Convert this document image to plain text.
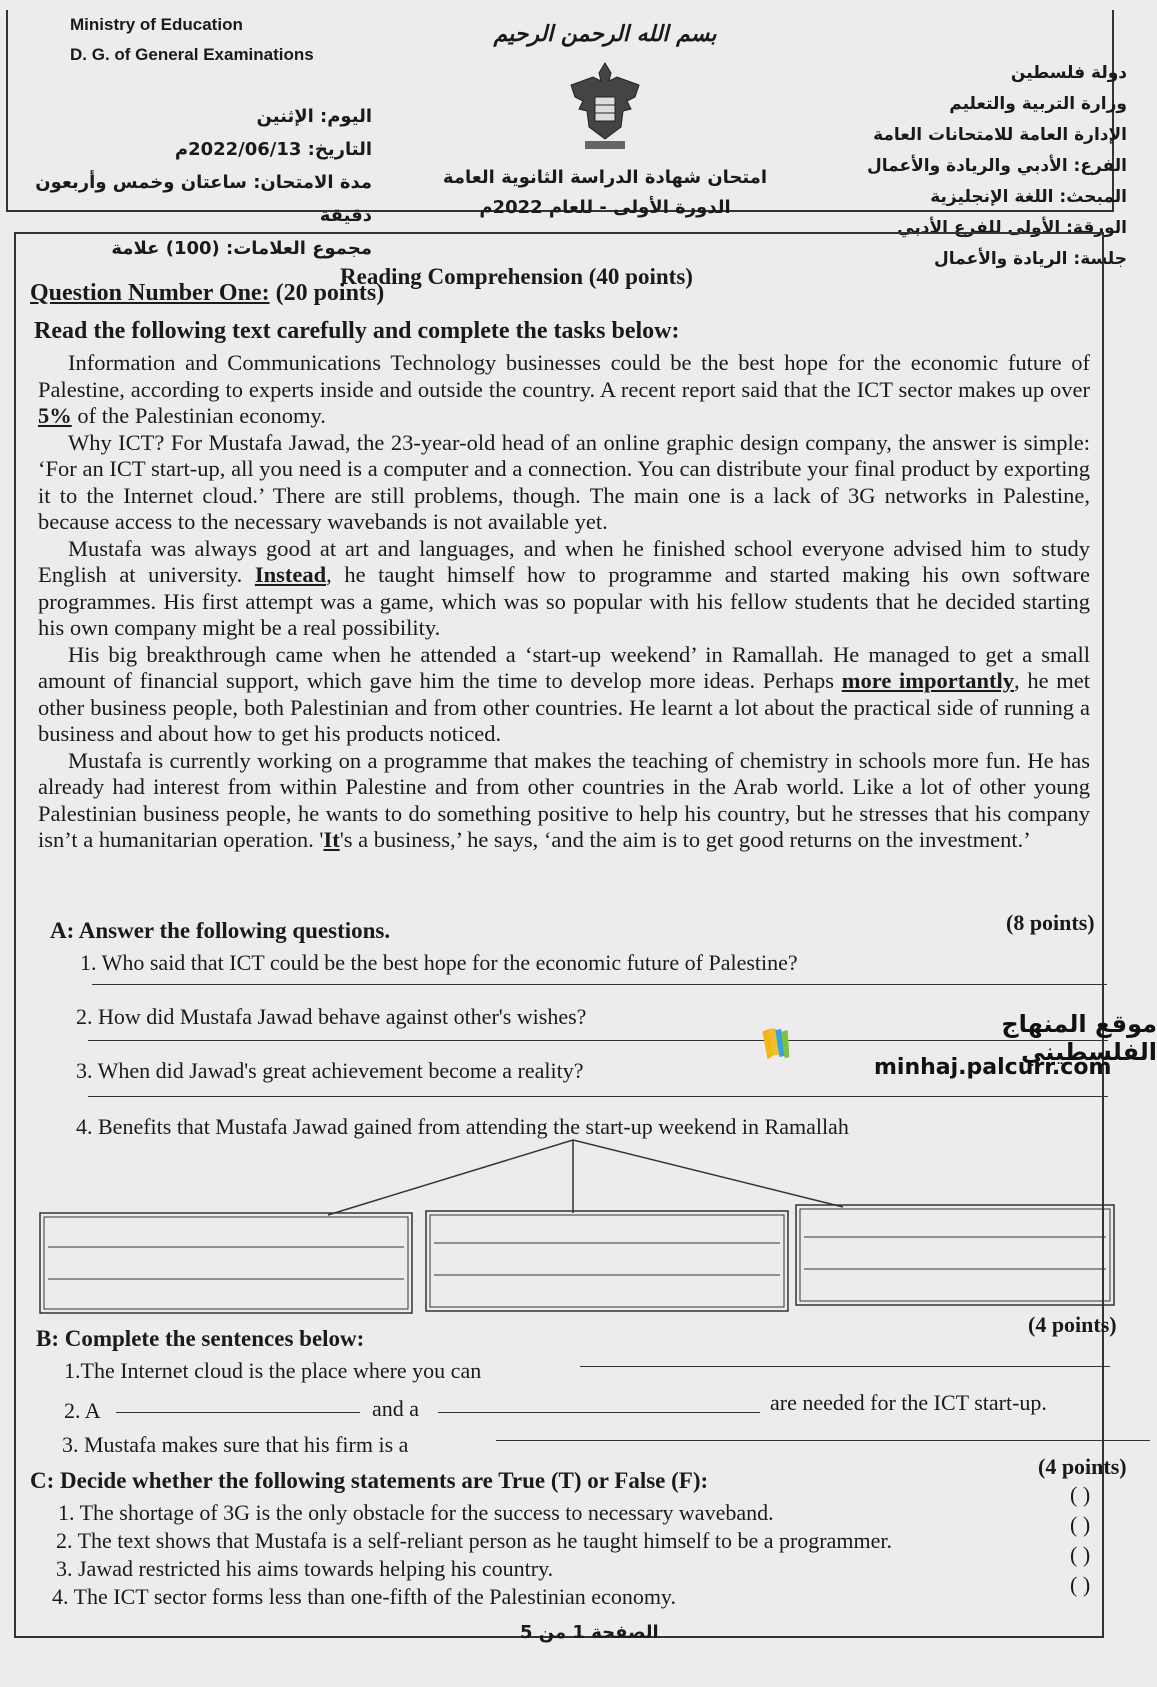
Ministry of Education
D. G. of General Examinations
اليوم: الإثنين
التاريخ: 2022/06/13م
مدة الامتحان: ساعتان وخمس وأربعون دقيقة
مجموع العلامات: (100) علامة
بسم الله الرحمن الرحيم
امتحان شهادة الدراسة الثانوية العامة
الدورة الأولى - للعام 2022م
دولة فلسطين
وزارة التربية والتعليم
الإدارة العامة للامتحانات العامة
الفرع: الأدبي والريادة والأعمال
المبحث: اللغة الإنجليزية
الورقة: الأولى للفرع الأدبي
جلسة: الريادة والأعمال
Reading Comprehension (40 points)
Question Number One: (20 points)
Read the following text carefully and complete the tasks below:

Information and Communications Technology businesses could be the best hope for the economic future of Palestine, according to experts inside and outside the country. A recent report said that the ICT sector makes up over 5% of the Palestinian economy.

Why ICT? For Mustafa Jawad, the 23-year-old head of an online graphic design company, the answer is simple: ‘For an ICT start-up, all you need is a computer and a connection. You can distribute your final product by exporting it to the Internet cloud.’ There are still problems, though. The main one is a lack of 3G networks in Palestine, because access to the necessary wavebands is not available yet.

Mustafa was always good at art and languages, and when he finished school everyone advised him to study English at university. Instead, he taught himself how to programme and started making his own software programmes. His first attempt was a game, which was so popular with his fellow students that he decided starting his own company might be a real possibility.

His big breakthrough came when he attended a ‘start-up weekend’ in Ramallah. He managed to get a small amount of financial support, which gave him the time to develop more ideas. Perhaps more importantly, he met other business people, both Palestinian and from other countries. He learnt a lot about the practical side of running a business and about how to get his products noticed.

Mustafa is currently working on a programme that makes the teaching of chemistry in schools more fun. He has already had interest from within Palestine and from other countries in the Arab world. Like a lot of other young Palestinian business people, he wants to do something positive to help his country, but he stresses that his company isn’t a humanitarian operation. 'It's a business,’ he says, ‘and the aim is to get good returns on the investment.’

A: Answer the following questions.	(8 points)
1. Who said that ICT could be the best hope for the economic future of Palestine?
2. How did Mustafa Jawad behave against other's wishes?
3. When did Jawad's great achievement become a reality?
4. Benefits that Mustafa Jawad gained from attending the start-up weekend in Ramallah
B: Complete the sentences below:
(4 points)
1.The Internet cloud is the place where you can
2. A	and a	are needed for the ICT start-up.
3. Mustafa makes sure that his firm is a
C: Decide whether the following statements are True (T) or False (F):
(4 points)
1. The shortage of 3G is the only obstacle for the success to necessary waveband.
( )
2. The text shows that Mustafa is a self-reliant person as he taught himself to be a programmer.
( )
3. Jawad restricted his aims towards helping his country.
( )
4. The ICT sector forms less than one-fifth of the Palestinian economy.	( )
موقع المنهاج الفلسطيني
minhaj.palcurr.com
الصفحة 1 من 5
